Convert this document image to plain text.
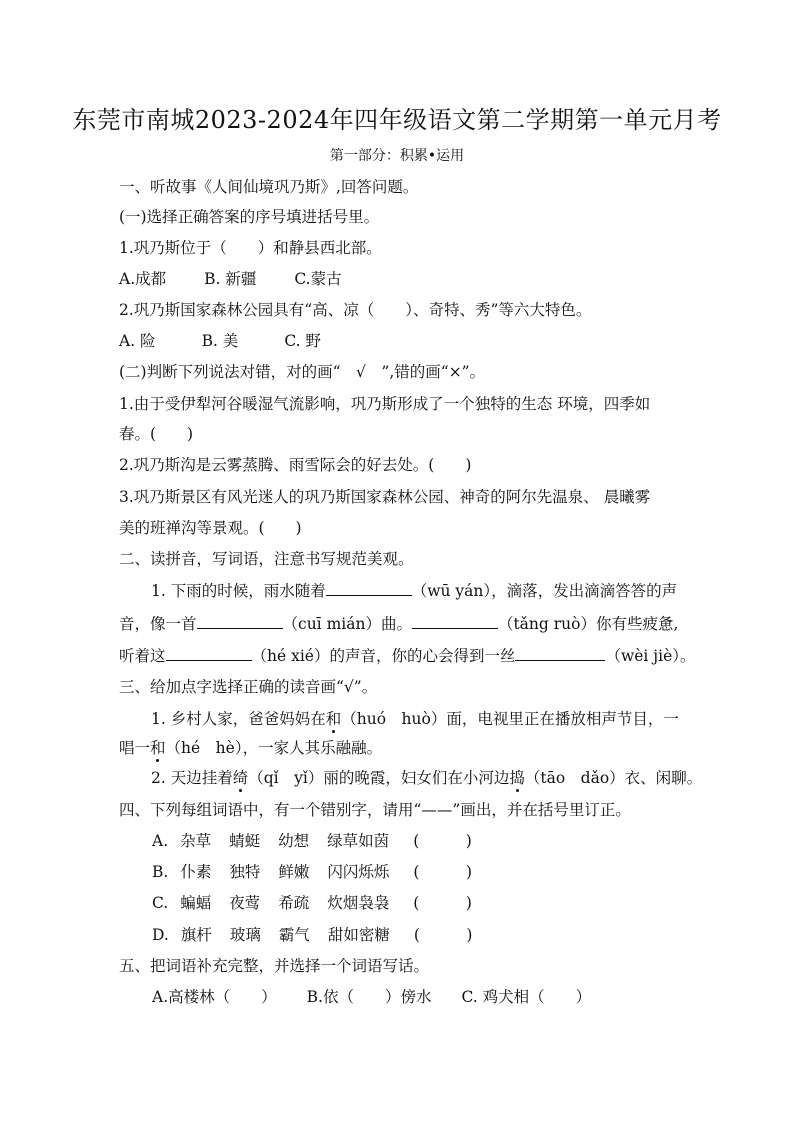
东莞市南城2023-2024年四年级语文第二学期第一单元月考
第一部分：积累•运用
一、听故事《人间仙境巩乃斯》,回答问题。
(一)选择正确答案的序号填进括号里。
1.巩乃斯位于（　　）和静县西北部。
A.成都 B. 新疆 C.蒙古
2.巩乃斯国家森林公园具有“高、凉（　　）、奇特、秀”等六大特色。
A. 险	B. 美	C. 野
(二)判断下列说法对错，对的画“　√　”,错的画“×”。
1.由于受伊犁河谷暖湿气流影响，巩乃斯形成了一个独特的生态 环境，四季如
春。(　　)
2.巩乃斯沟是云雾蒸腾、雨雪际会的好去处。(　　)
3.巩乃斯景区有风光迷人的巩乃斯国家森林公园、神奇的阿尔先温泉、 晨曦雾
美的班禅沟等景观。(　　)
二、读拼音，写词语，注意书写规范美观。
1. 下雨的时候，雨水随着	（wū yán），滴落，发出滴滴答答的声
音，像一首	（cuī mián）曲。	（tǎng ruò）你有些疲惫,
听着这	（hé xié）的声音，你的心会得到一丝	（wèi jiè）。
三、给加点字选择正确的读音画“√”。
1. 乡村人家，爸爸妈妈在和（huó　huò）面，电视里正在播放相声节目，一
唱一和（hé　hè），一家人其乐融融。
2. 天边挂着绮（qǐ　yǐ）丽的晚霞，妇女们在小河边捣（tāo　dǎo）衣、闲聊。
四、下列每组词语中，有一个错别字，请用“——”画出，并在括号里订正。
A. 杂草 蜻蜓 幼想 绿草如茵 (　　　)
B. 仆素 独特 鲜嫩 闪闪烁烁 (　　　)
C. 蝙蝠 夜莺 希疏 炊烟袅袅 (　　　)
D. 旗杆 玻璃 霸气 甜如密糖 (　　　)
五、把词语补充完整，并选择一个词语写话。
A.高楼林（　　） B.依（　　）傍水 C. 鸡犬相（　　）
